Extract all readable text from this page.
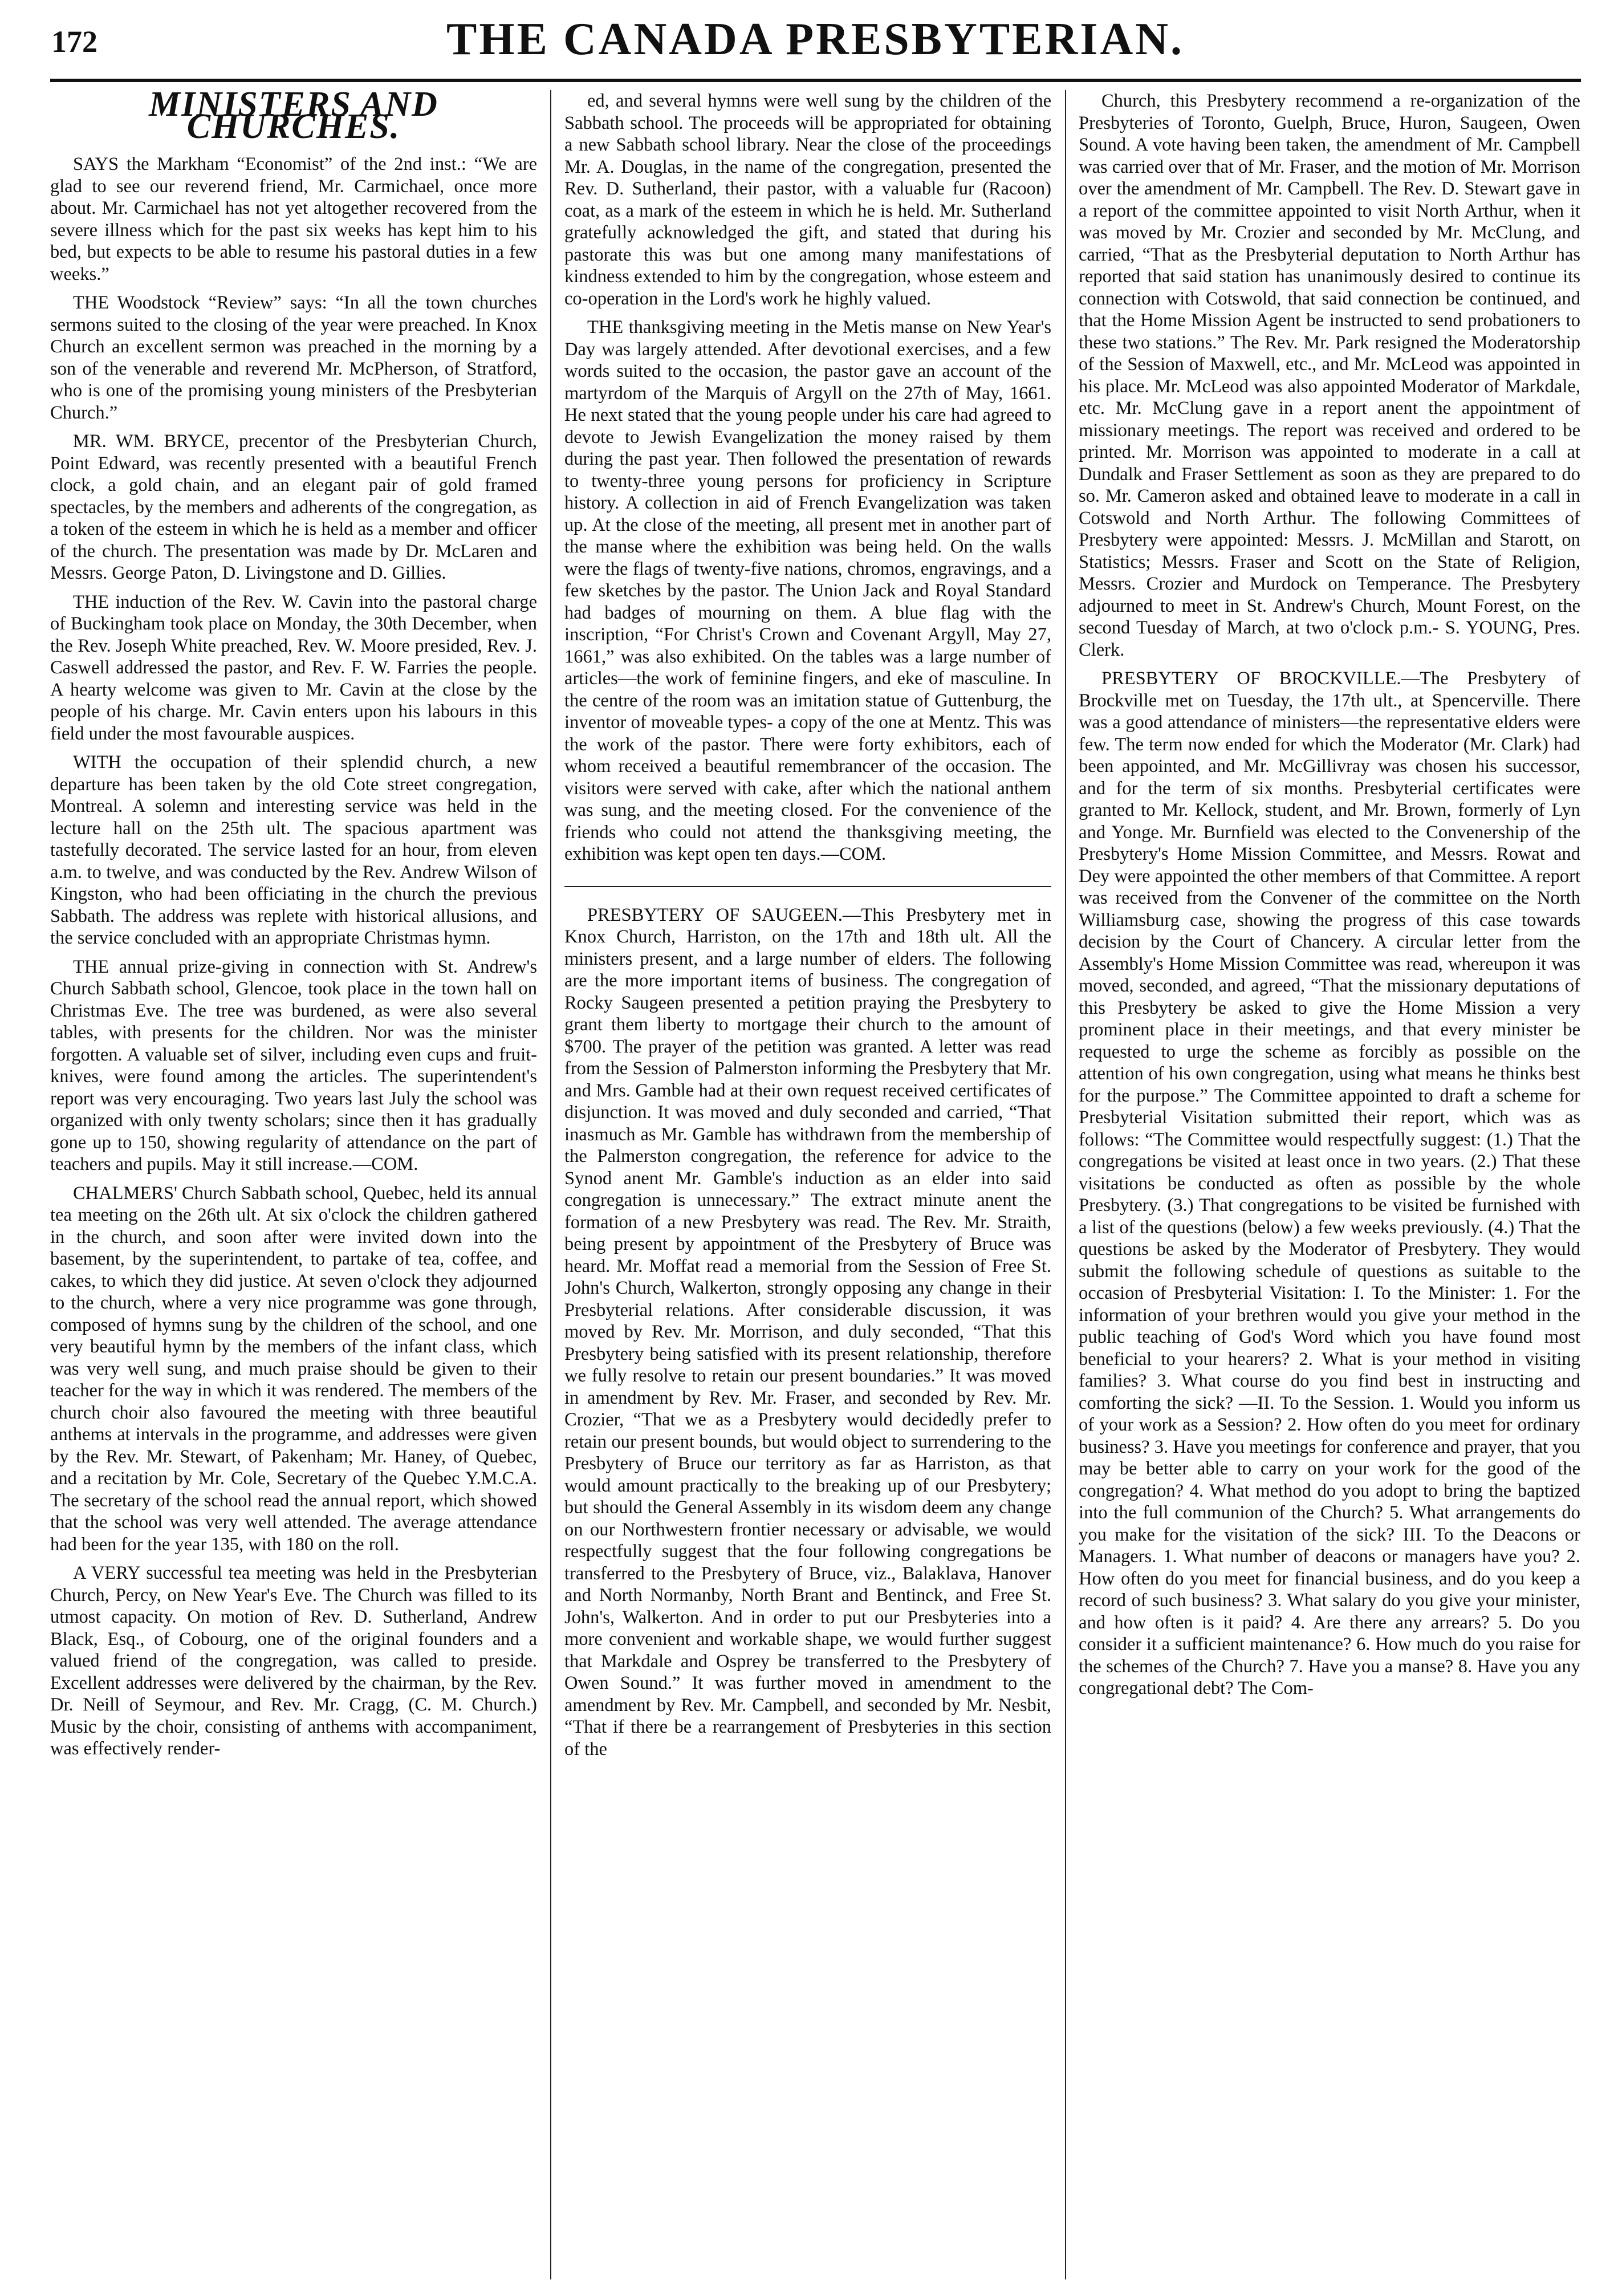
172	THE CANADA PRESBYTERIAN.
MINISTERS AND CHURCHES.

SAYS the Markham “Economist” of the 2nd inst.: “We are glad to see our reverend friend, Mr. Carmichael, once more about. Mr. Carmichael has not yet altogether recovered from the severe illness which for the past six weeks has kept him to his bed, but expects to be able to resume his pastoral duties in a few weeks.”

THE Woodstock “Review” says: “In all the town churches sermons suited to the closing of the year were preached. In Knox Church an excellent sermon was preached in the morning by a son of the venerable and reverend Mr. McPherson, of Stratford, who is one of the promising young ministers of the Presbyterian Church.”

MR. WM. BRYCE, precentor of the Presbyterian Church, Point Edward, was recently presented with a beautiful French clock, a gold chain, and an elegant pair of gold framed spectacles, by the members and adherents of the congregation, as a token of the esteem in which he is held as a member and officer of the church. The presentation was made by Dr. McLaren and Messrs. George Paton, D. Livingstone and D. Gillies.

THE induction of the Rev. W. Cavin into the pastoral charge of Buckingham took place on Monday, the 30th December, when the Rev. Joseph White preached, Rev. W. Moore presided, Rev. J. Caswell addressed the pastor, and Rev. F. W. Farries the people. A hearty welcome was given to Mr. Cavin at the close by the people of his charge. Mr. Cavin enters upon his labours in this field under the most favourable auspices.

WITH the occupation of their splendid church, a new departure has been taken by the old Cote street congregation, Montreal. A solemn and interesting service was held in the lecture hall on the 25th ult. The spacious apartment was tastefully decorated. The service lasted for an hour, from eleven a.m. to twelve, and was conducted by the Rev. Andrew Wilson of Kingston, who had been officiating in the church the previous Sabbath. The address was replete with historical allusions, and the service concluded with an appropriate Christmas hymn.

THE annual prize-giving in connection with St. Andrew's Church Sabbath school, Glencoe, took place in the town hall on Christmas Eve. The tree was burdened, as were also several tables, with presents for the children. Nor was the minister forgotten. A valuable set of silver, including even cups and fruit-knives, were found among the articles. The superintendent's report was very encouraging. Two years last July the school was organized with only twenty scholars; since then it has gradually gone up to 150, showing regularity of attendance on the part of teachers and pupils. May it still increase.—COM.

CHALMERS' Church Sabbath school, Quebec, held its annual tea meeting on the 26th ult. At six o'clock the children gathered in the church, and soon after were invited down into the basement, by the superintendent, to partake of tea, coffee, and cakes, to which they did justice. At seven o'clock they adjourned to the church, where a very nice programme was gone through, composed of hymns sung by the children of the school, and one very beautiful hymn by the members of the infant class, which was very well sung, and much praise should be given to their teacher for the way in which it was rendered. The members of the church choir also favoured the meeting with three beautiful anthems at intervals in the programme, and addresses were given by the Rev. Mr. Stewart, of Pakenham; Mr. Haney, of Quebec, and a recitation by Mr. Cole, Secretary of the Quebec Y.M.C.A. The secretary of the school read the annual report, which showed that the school was very well attended. The average attendance had been for the year 135, with 180 on the roll.

A VERY successful tea meeting was held in the Presbyterian Church, Percy, on New Year's Eve. The Church was filled to its utmost capacity. On motion of Rev. D. Sutherland, Andrew Black, Esq., of Cobourg, one of the original founders and a valued friend of the congregation, was called to preside. Excellent addresses were delivered by the chairman, by the Rev. Dr. Neill of Seymour, and Rev. Mr. Cragg, (C. M. Church.) Music by the choir, consisting of anthems with accompaniment, was effectively render-

ed, and several hymns were well sung by the children of the Sabbath school. The proceeds will be appropriated for obtaining a new Sabbath school library. Near the close of the proceedings Mr. A. Douglas, in the name of the congregation, presented the Rev. D. Sutherland, their pastor, with a valuable fur (Racoon) coat, as a mark of the esteem in which he is held. Mr. Sutherland gratefully acknowledged the gift, and stated that during his pastorate this was but one among many manifestations of kindness extended to him by the congregation, whose esteem and co-operation in the Lord's work he highly valued.

THE thanksgiving meeting in the Metis manse on New Year's Day was largely attended. After devotional exercises, and a few words suited to the occasion, the pastor gave an account of the martyrdom of the Marquis of Argyll on the 27th of May, 1661. He next stated that the young people under his care had agreed to devote to Jewish Evangelization the money raised by them during the past year. Then followed the presentation of rewards to twenty-three young persons for proficiency in Scripture history. A collection in aid of French Evangelization was taken up. At the close of the meeting, all present met in another part of the manse where the exhibition was being held. On the walls were the flags of twenty-five nations, chromos, engravings, and a few sketches by the pastor. The Union Jack and Royal Standard had badges of mourning on them. A blue flag with the inscription, “For Christ's Crown and Covenant Argyll, May 27, 1661,” was also exhibited. On the tables was a large number of articles—the work of feminine fingers, and eke of masculine. In the centre of the room was an imitation statue of Guttenburg, the inventor of moveable types- a copy of the one at Mentz. This was the work of the pastor. There were forty exhibitors, each of whom received a beautiful remembrancer of the occasion. The visitors were served with cake, after which the national anthem was sung, and the meeting closed. For the convenience of the friends who could not attend the thanksgiving meeting, the exhibition was kept open ten days.—COM.

PRESBYTERY OF SAUGEEN.—This Presbytery met in Knox Church, Harriston, on the 17th and 18th ult. All the ministers present, and a large number of elders. The following are the more important items of business. The congregation of Rocky Saugeen presented a petition praying the Presbytery to grant them liberty to mortgage their church to the amount of $700. The prayer of the petition was granted. A letter was read from the Session of Palmerston informing the Presbytery that Mr. and Mrs. Gamble had at their own request received certificates of disjunction. It was moved and duly seconded and carried, “That inasmuch as Mr. Gamble has withdrawn from the membership of the Palmerston congregation, the reference for advice to the Synod anent Mr. Gamble's induction as an elder into said congregation is unnecessary.” The extract minute anent the formation of a new Presbytery was read. The Rev. Mr. Straith, being present by appointment of the Presbytery of Bruce was heard. Mr. Moffat read a memorial from the Session of Free St. John's Church, Walkerton, strongly opposing any change in their Presbyterial relations. After considerable discussion, it was moved by Rev. Mr. Morrison, and duly seconded, “That this Presbytery being satisfied with its present relationship, therefore we fully resolve to retain our present boundaries.” It was moved in amendment by Rev. Mr. Fraser, and seconded by Rev. Mr. Crozier, “That we as a Presbytery would decidedly prefer to retain our present bounds, but would object to surrendering to the Presbytery of Bruce our territory as far as Harriston, as that would amount practically to the breaking up of our Presbytery; but should the General Assembly in its wisdom deem any change on our Northwestern frontier necessary or advisable, we would respectfully suggest that the four following congregations be transferred to the Presbytery of Bruce, viz., Balaklava, Hanover and North Normanby, North Brant and Bentinck, and Free St. John's, Walkerton. And in order to put our Presbyteries into a more convenient and workable shape, we would further suggest that Markdale and Osprey be transferred to the Presbytery of Owen Sound.” It was further moved in amendment to the amendment by Rev. Mr. Campbell, and seconded by Mr. Nesbit, “That if there be a rearrangement of Presbyteries in this section of the

Church, this Presbytery recommend a re-organization of the Presbyteries of Toronto, Guelph, Bruce, Huron, Saugeen, Owen Sound. A vote having been taken, the amendment of Mr. Campbell was carried over that of Mr. Fraser, and the motion of Mr. Morrison over the amendment of Mr. Campbell. The Rev. D. Stewart gave in a report of the committee appointed to visit North Arthur, when it was moved by Mr. Crozier and seconded by Mr. McClung, and carried, “That as the Presbyterial deputation to North Arthur has reported that said station has unanimously desired to continue its connection with Cotswold, that said connection be continued, and that the Home Mission Agent be instructed to send probationers to these two stations.” The Rev. Mr. Park resigned the Moderatorship of the Session of Maxwell, etc., and Mr. McLeod was appointed in his place. Mr. McLeod was also appointed Moderator of Markdale, etc. Mr. McClung gave in a report anent the appointment of missionary meetings. The report was received and ordered to be printed. Mr. Morrison was appointed to moderate in a call at Dundalk and Fraser Settlement as soon as they are prepared to do so. Mr. Cameron asked and obtained leave to moderate in a call in Cotswold and North Arthur. The following Committees of Presbytery were appointed: Messrs. J. McMillan and Starott, on Statistics; Messrs. Fraser and Scott on the State of Religion, Messrs. Crozier and Murdock on Temperance. The Presbytery adjourned to meet in St. Andrew's Church, Mount Forest, on the second Tuesday of March, at two o'clock p.m.- S. YOUNG, Pres. Clerk.

PRESBYTERY OF BROCKVILLE.—The Presbytery of Brockville met on Tuesday, the 17th ult., at Spencerville. There was a good attendance of ministers—the representative elders were few. The term now ended for which the Moderator (Mr. Clark) had been appointed, and Mr. McGillivray was chosen his successor, and for the term of six months. Presbyterial certificates were granted to Mr. Kellock, student, and Mr. Brown, formerly of Lyn and Yonge. Mr. Burnfield was elected to the Convenership of the Presbytery's Home Mission Committee, and Messrs. Rowat and Dey were appointed the other members of that Committee. A report was received from the Convener of the committee on the North Williamsburg case, showing the progress of this case towards decision by the Court of Chancery. A circular letter from the Assembly's Home Mission Committee was read, whereupon it was moved, seconded, and agreed, “That the missionary deputations of this Presbytery be asked to give the Home Mission a very prominent place in their meetings, and that every minister be requested to urge the scheme as forcibly as possible on the attention of his own congregation, using what means he thinks best for the purpose.” The Committee appointed to draft a scheme for Presbyterial Visitation submitted their report, which was as follows: “The Committee would respectfully suggest: (1.) That the congregations be visited at least once in two years. (2.) That these visitations be conducted as often as possible by the whole Presbytery. (3.) That congregations to be visited be furnished with a list of the questions (below) a few weeks previously. (4.) That the questions be asked by the Moderator of Presbytery. They would submit the following schedule of questions as suitable to the occasion of Presbyterial Visitation: I. To the Minister: 1. For the information of your brethren would you give your method in the public teaching of God's Word which you have found most beneficial to your hearers? 2. What is your method in visiting families? 3. What course do you find best in instructing and comforting the sick? —II. To the Session. 1. Would you inform us of your work as a Session? 2. How often do you meet for ordinary business? 3. Have you meetings for conference and prayer, that you may be better able to carry on your work for the good of the congregation? 4. What method do you adopt to bring the baptized into the full communion of the Church? 5. What arrangements do you make for the visitation of the sick? III. To the Deacons or Managers. 1. What number of deacons or managers have you? 2. How often do you meet for financial business, and do you keep a record of such business? 3. What salary do you give your minister, and how often is it paid? 4. Are there any arrears? 5. Do you consider it a sufficient maintenance? 6. How much do you raise for the schemes of the Church? 7. Have you a manse? 8. Have you any congregational debt? The Com-
